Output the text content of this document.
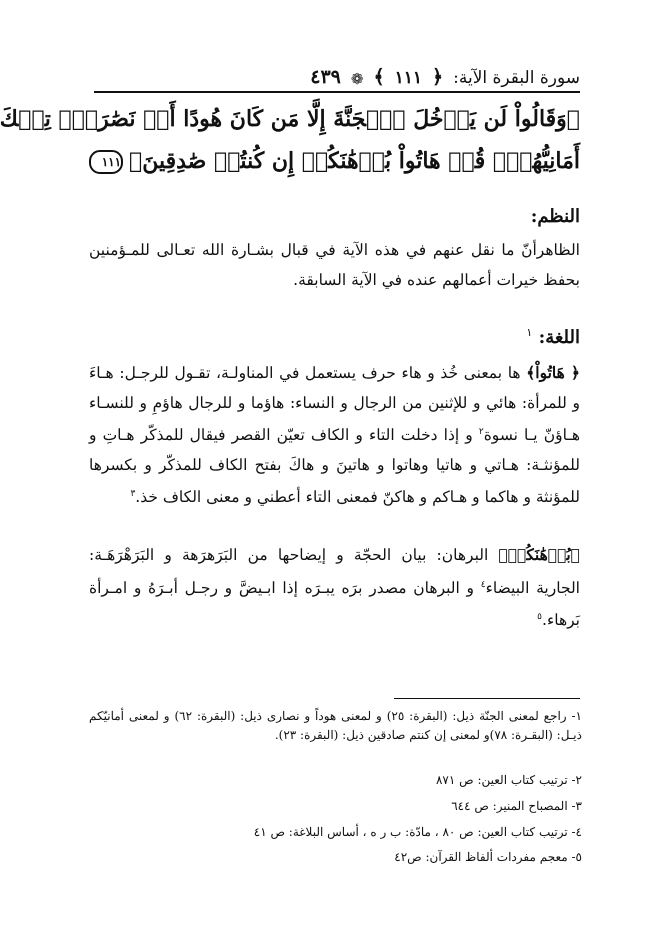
سورة البقرة الآية:
﴿
١١١
﴾
❁
٤٣٩
﴿وَقَالُواْ لَن يَدۡخُلَ ٱلۡجَنَّةَ إِلَّا مَن كَانَ هُودًا أَوۡ نَصَٰرَىٰۗ تِلۡكَ
أَمَانِيُّهُمۡۗ قُلۡ هَاتُواْ بُرۡهَٰنَكُمۡ إِن كُنتُمۡ صَٰدِقِينَ﴾١١١
النظم:
الظاهرأنّ ما نقل عنهم في هذه الآية في قبال بشـارة الله تعـالى للمـؤمنين بحفظ خيرات أعمالهم عنده في الآية السابقة.
اللغة: $^١$
﴿ هَاتُواْ﴾ ها بمعنى خُذ و هاء حرف يستعمل في المناولـة، تقـول للرجـل: هـاءَ و للمرأة: هائي و للإثنين من الرجال و النساء: هاؤما و للرجال هاؤمِ و للنسـاء هـاؤنّ يـا نسوة$^٢$ و إذا دخلت التاء و الكاف تعيّن القصر فيقال للمذكّر هـاتِ و للمؤنثـة: هـاتي و هاتيا وهاتوا و هاتينَ و هاكَ بفتح الكاف للمذكّر و بكسرها للمؤنثة و هاكما و هـاكم و هاكنّ فمعنى التاء أعطني و معنى الكاف خذ.$^٣$
﴿بُرۡهَٰنَكُمۡ﴾ البرهان: بيان الحجّة و إيضاحها من البَرَهرَهة و البَرَهْرَهَـة: الجارية البيضاء$^٤$ و البرهان مصدر برَه يبـرَه إذا ابـيضَّ و رجـل أبـرَهُ و امـرأة بَرهاء.$^٥$
١- راجع لمعنى الجنّة ذيل: (البقرة: ٢٥) و لمعنى هوداً و نصارى ذيل: (البقرة: ٦٢) و لمعنى أمانيّكم ذيـل: (البقـرة: ٧٨)و لمعنى إن كنتم صادقين ذيل: (البقرة: ٢٣).
٢- ترتيب كتاب العين: ص ٨٧١
٣- المصباح المنير: ص ٦٤٤
٤- ترتيب كتاب العين: ص ٨٠ ، مادّة: ب ر ه ، أساس البلاغة: ص ٤١
٥- معجم مفردات ألفاظ القرآن: ص٤٢
